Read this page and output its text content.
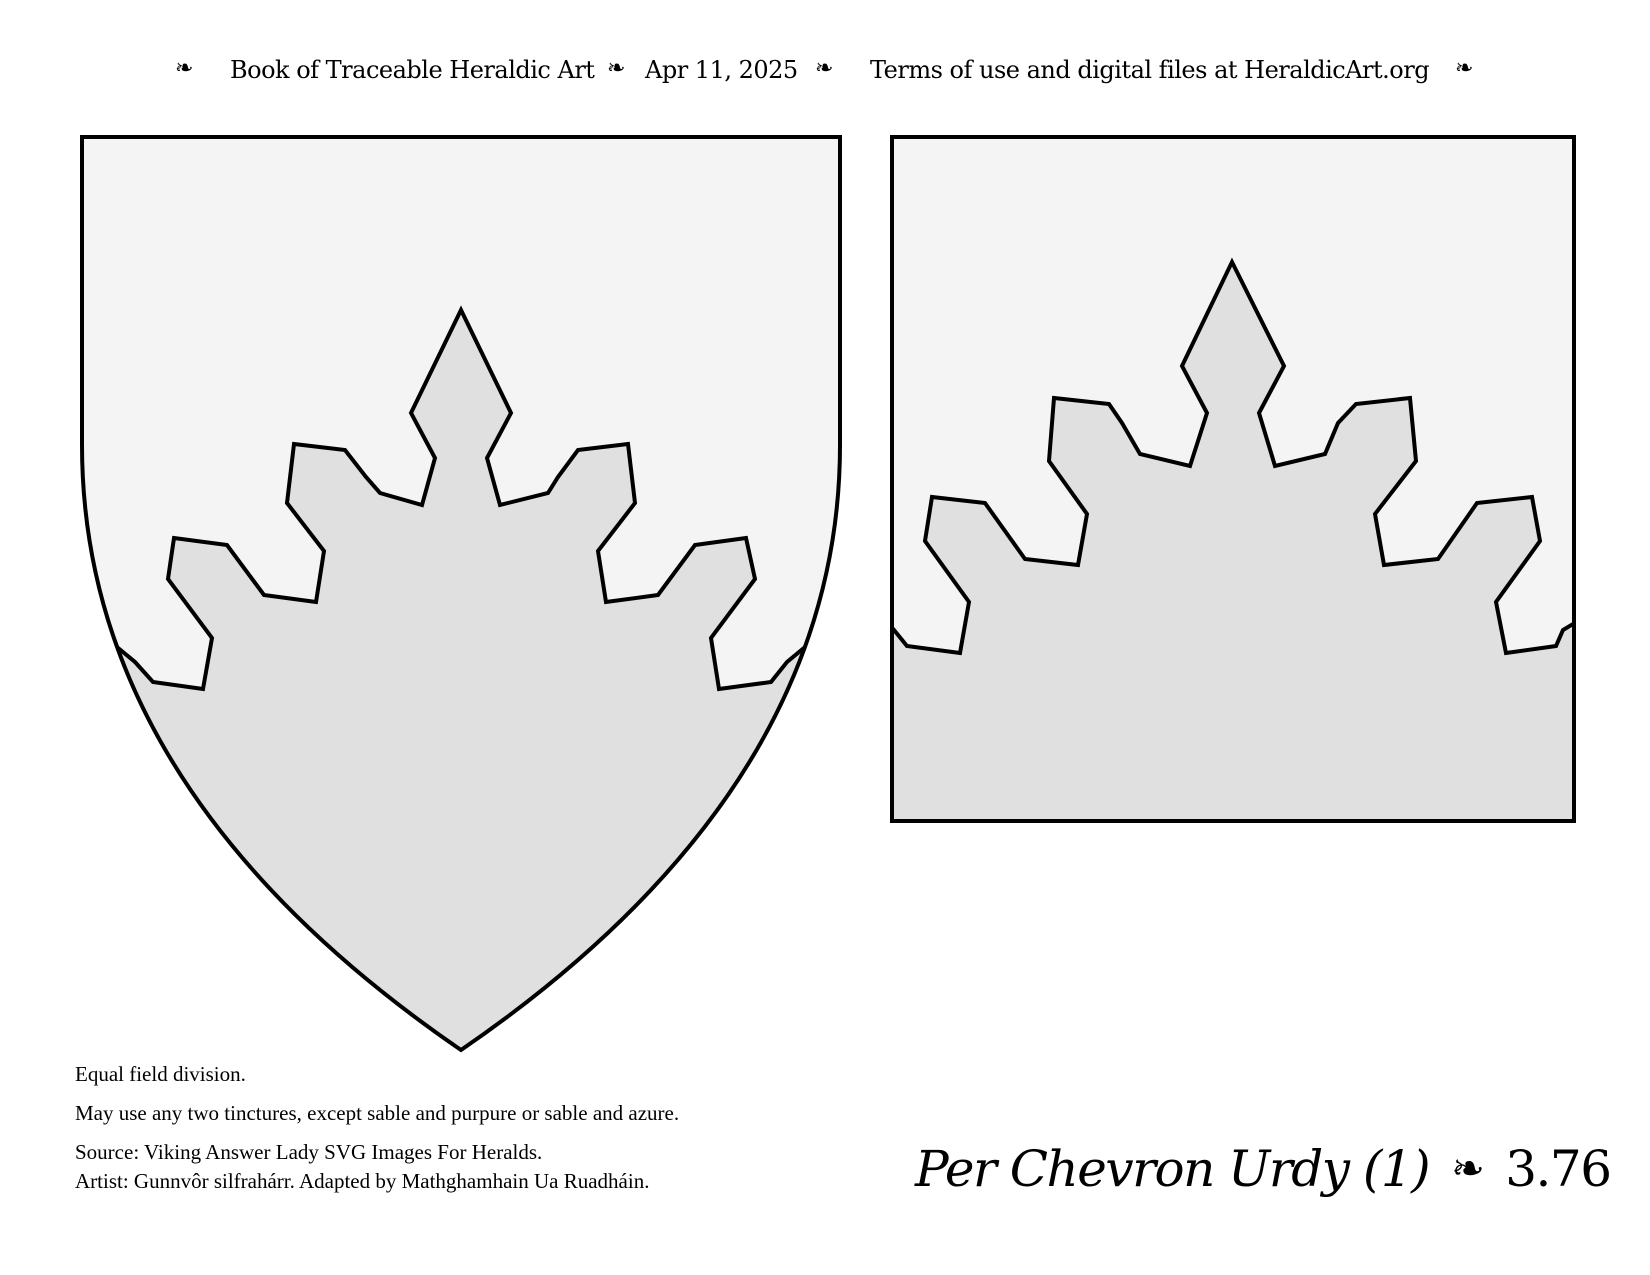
❧ Book of Traceable Heraldic Art ❧ Apr 11, 2025 ❧ Terms of use and digital files at HeraldicArt.org ❧

Equal field division.

May use any two tinctures, except sable and purpure or sable and azure.

Source: Viking Answer Lady SVG Images For Heralds.

Artist: Gunnvôr silfrahárr. Adapted by Mathghamhain Ua Ruadháin.	Per Chevron Urdy (1) ❧ 3.76
